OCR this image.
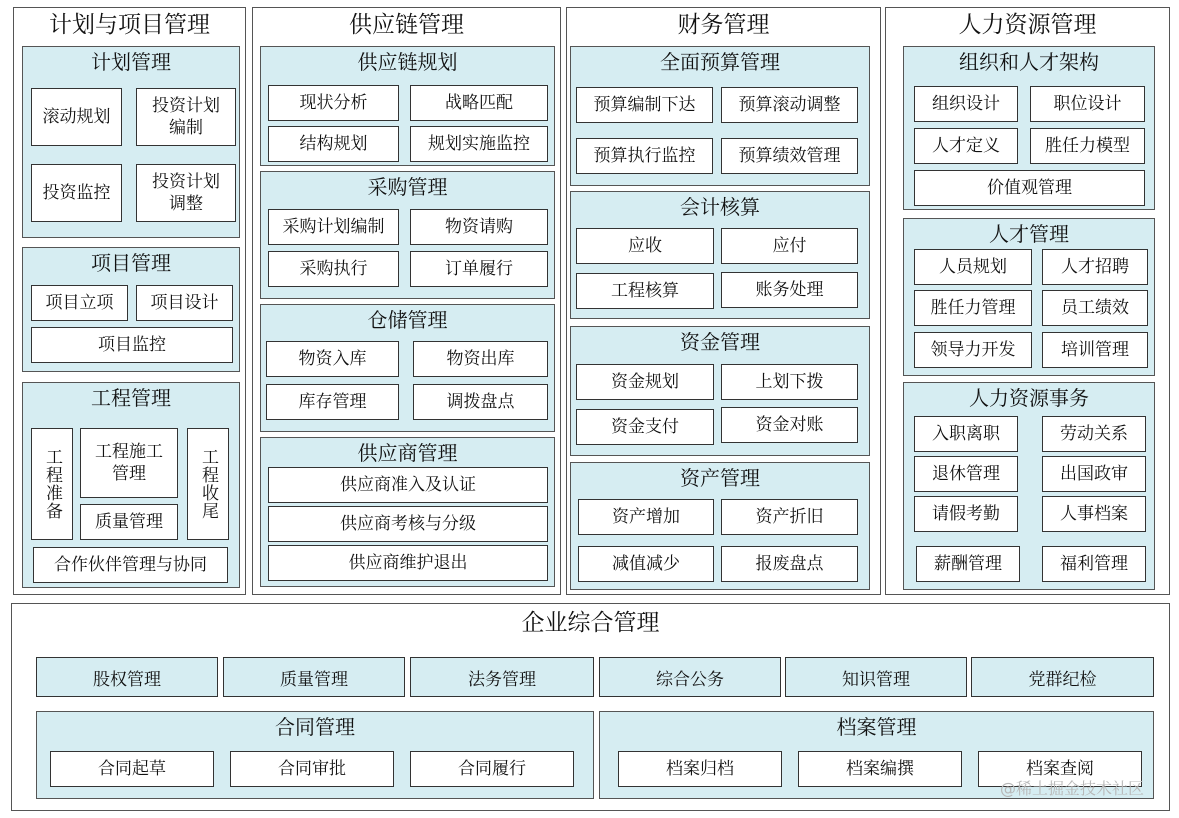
计划与项目管理
计划管理
滚动规划
投资计划
编制
投资监控
投资计划
调整
项目管理
项目立项	项目设计
项目监控
工程管理
工程准备	工程施工
管理	工程收尾
质量管理
合作伙伴管理与协同
供应链管理
供应链规划
现状分析	战略匹配
结构规划	规划实施监控
采购管理
采购计划编制	物资请购
采购执行	订单履行
仓储管理
物资入库	物资出库
库存管理	调拨盘点
供应商管理
供应商准入及认证
供应商考核与分级
供应商维护退出
财务管理
全面预算管理
预算编制下达	预算滚动调整
预算执行监控	预算绩效管理
会计核算
应收	应付
工程核算	账务处理
资金管理
资金规划	上划下拨
资金支付	资金对账
资产管理
资产增加	资产折旧
减值减少	报废盘点
人力资源管理
组织和人才架构
组织设计	职位设计
人才定义	胜任力模型
价值观管理
人才管理
人员规划	人才招聘
胜任力管理	员工绩效
领导力开发	培训管理
人力资源事务
入职离职	劳动关系
退休管理	出国政审
请假考勤	人事档案
薪酬管理	福利管理
企业综合管理
股权管理	质量管理	法务管理	综合公务	知识管理	党群纪检
合同管理
合同起草	合同审批	合同履行
档案管理
档案归档	档案编撰	档案查阅
@稀土掘金技术社区
